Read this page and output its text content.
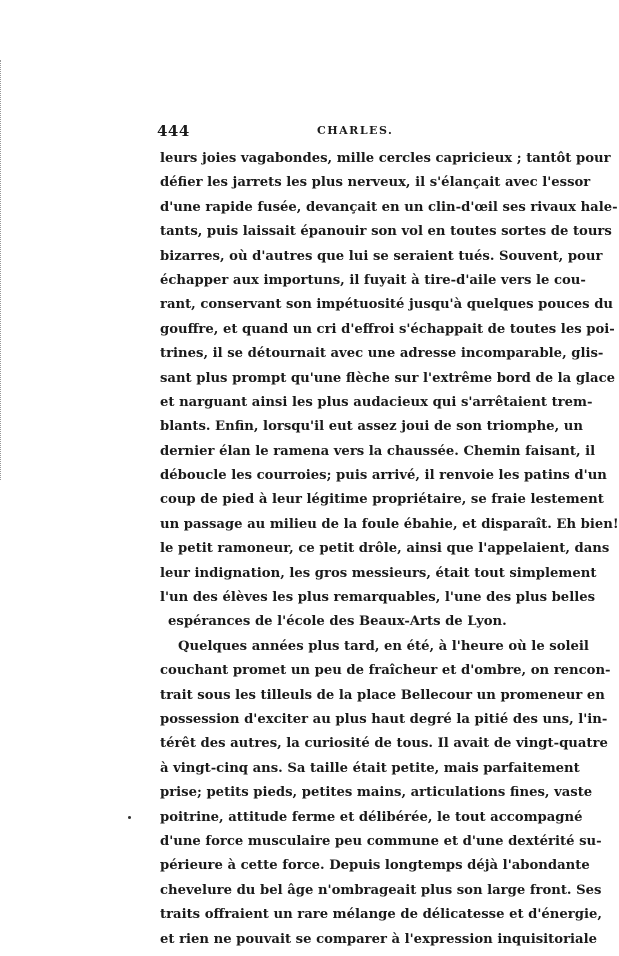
444	CHARLES.
leurs joies vagabondes, mille cercles capricieux ; tantôt pour
défier les jarrets les plus nerveux, il s'élançait avec l'essor
d'une rapide fusée, devançait en un clin-d'œil ses rivaux hale-
tants, puis laissait épanouir son vol en toutes sortes de tours
bizarres, où d'autres que lui se seraient tués. Souvent, pour
échapper aux importuns, il fuyait à tire-d'aile vers le cou-
rant, conservant son impétuosité jusqu'à quelques pouces du
gouffre, et quand un cri d'effroi s'échappait de toutes les poi-
trines, il se détournait avec une adresse incomparable, glis-
sant plus prompt qu'une flèche sur l'extrême bord de la glace
et narguant ainsi les plus audacieux qui s'arrêtaient trem-
blants. Enfin, lorsqu'il eut assez joui de son triomphe, un
dernier élan le ramena vers la chaussée. Chemin faisant, il
déboucle les courroies; puis arrivé, il renvoie les patins d'un
coup de pied à leur légitime propriétaire, se fraie lestement
un passage au milieu de la foule ébahie, et disparaît. Eh bien!
le petit ramoneur, ce petit drôle, ainsi que l'appelaient, dans
leur indignation, les gros messieurs, était tout simplement
l'un des élèves les plus remarquables, l'une des plus belles
espérances de l'école des Beaux-Arts de Lyon.
Quelques années plus tard, en été, à l'heure où le soleil
couchant promet un peu de fraîcheur et d'ombre, on rencon-
trait sous les tilleuls de la place Bellecour un promeneur en
possession d'exciter au plus haut degré la pitié des uns, l'in-
térêt des autres, la curiosité de tous. Il avait de vingt-quatre
à vingt-cinq ans. Sa taille était petite, mais parfaitement
prise; petits pieds, petites mains, articulations fines, vaste
poitrine, attitude ferme et délibérée, le tout accompagné
d'une force musculaire peu commune et d'une dextérité su-
périeure à cette force. Depuis longtemps déjà l'abondante
chevelure du bel âge n'ombrageait plus son large front. Ses
traits offraient un rare mélange de délicatesse et d'énergie,
et rien ne pouvait se comparer à l'expression inquisitoriale
